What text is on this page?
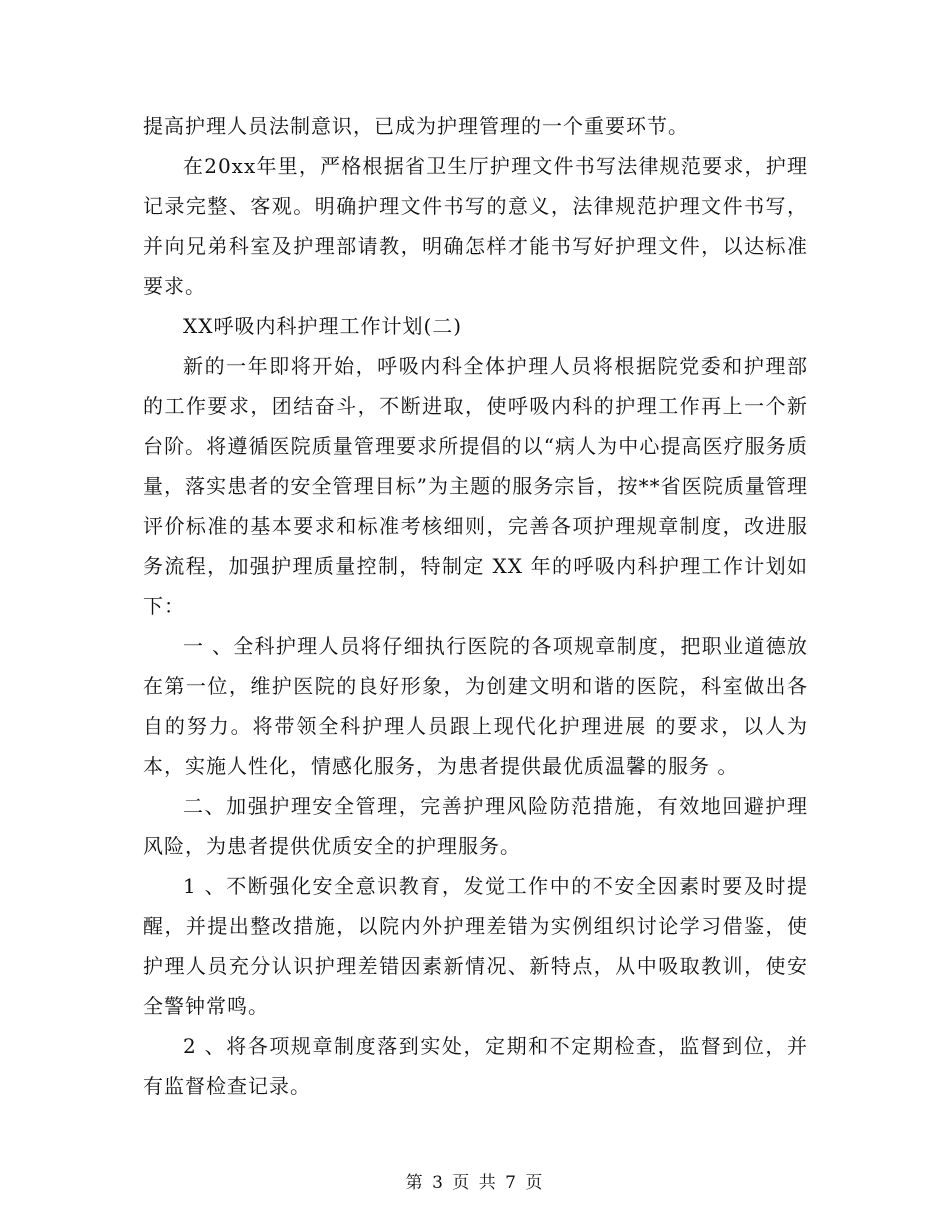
提高护理人员法制意识，已成为护理管理的一个重要环节。

在20xx年里，严格根据省卫生厅护理文件书写法律规范要求，护理记录完整、客观。明确护理文件书写的意义，法律规范护理文件书写，并向兄弟科室及护理部请教，明确怎样才能书写好护理文件，以达标准要求。

XX呼吸内科护理工作计划(二)

新的一年即将开始，呼吸内科全体护理人员将根据院党委和护理部的工作要求，团结奋斗，不断进取，使呼吸内科的护理工作再上一个新台阶。将遵循医院质量管理要求所提倡的以“病人为中心提高医疗服务质量，落实患者的安全管理目标”为主题的服务宗旨，按**省医院质量管理评价标准的基本要求和标准考核细则，完善各项护理规章制度，改进服务流程，加强护理质量控制，特制定 XX 年的呼吸内科护理工作计划如下：

一 、全科护理人员将仔细执行医院的各项规章制度，把职业道德放在第一位，维护医院的良好形象，为创建文明和谐的医院，科室做出各自的努力。将带领全科护理人员跟上现代化护理进展 的要求，以人为本，实施人性化，情感化服务，为患者提供最优质温馨的服务 。

二、加强护理安全管理，完善护理风险防范措施，有效地回避护理风险，为患者提供优质安全的护理服务。

1 、不断强化安全意识教育，发觉工作中的不安全因素时要及时提醒，并提出整改措施，以院内外护理差错为实例组织讨论学习借鉴，使护理人员充分认识护理差错因素新情况、新特点，从中吸取教训，使安全警钟常鸣。

2 、将各项规章制度落到实处，定期和不定期检查，监督到位，并有监督检查记录。

第 3 页 共 7 页
